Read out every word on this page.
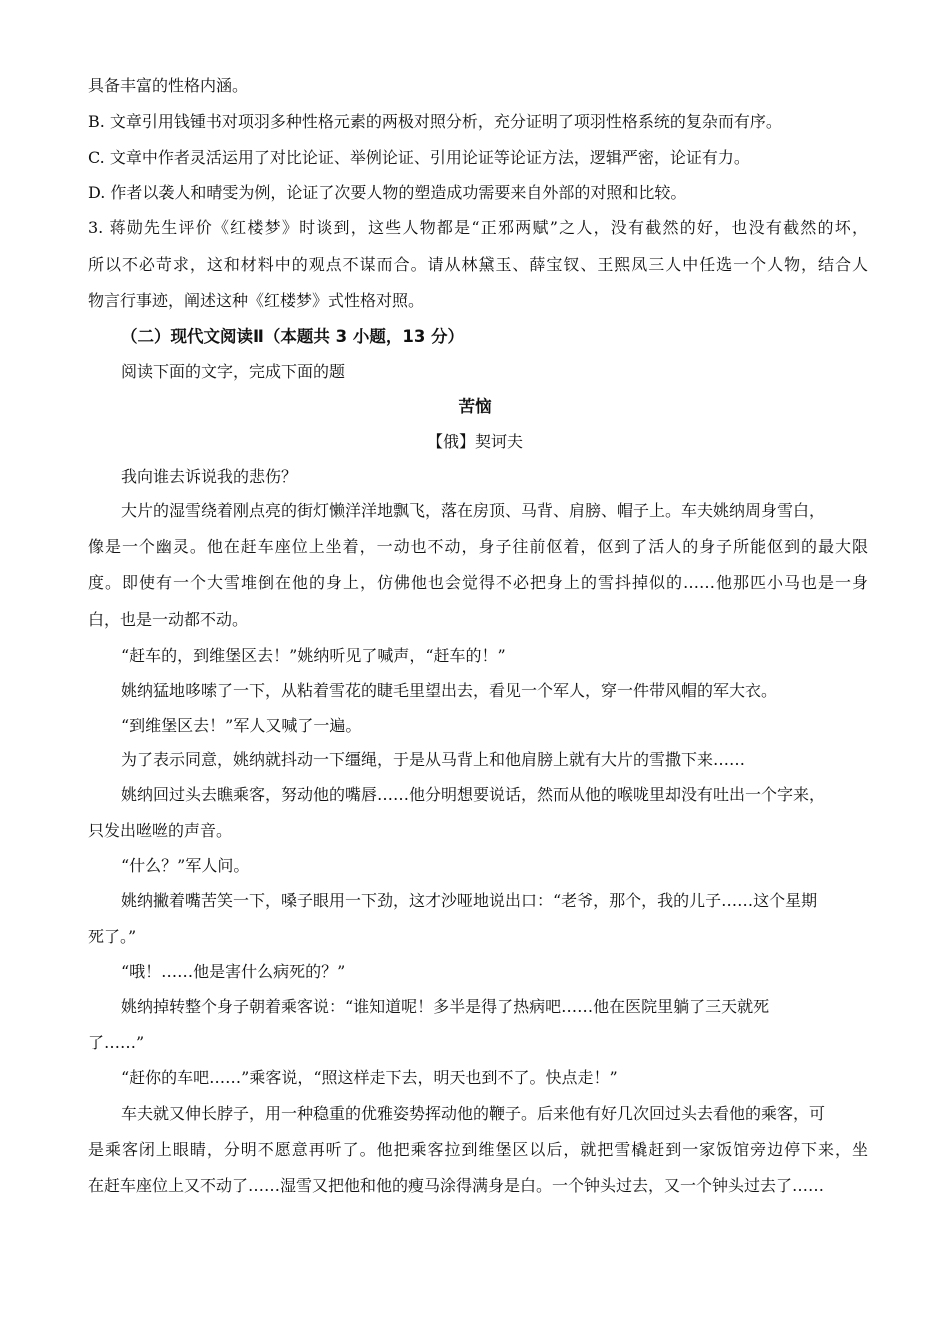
具备丰富的性格内涵。
B. 文章引用钱锺书对项羽多种性格元素的两极对照分析，充分证明了项羽性格系统的复杂而有序。
C. 文章中作者灵活运用了对比论证、举例论证、引用论证等论证方法，逻辑严密，论证有力。
D. 作者以袭人和晴雯为例，论证了次要人物的塑造成功需要来自外部的对照和比较。
3. 蒋勋先生评价《红楼梦》时谈到，这些人物都是“正邪两赋”之人，没有截然的好，也没有截然的坏，
所以不必苛求，这和材料中的观点不谋而合。请从林黛玉、薛宝钗、王熙凤三人中任选一个人物，结合人
物言行事迹，阐述这种《红楼梦》式性格对照。
（二）现代文阅读Ⅱ（本题共 3 小题，13 分）
阅读下面的文字，完成下面的题
苦恼
【俄】契诃夫
我向谁去诉说我的悲伤？
大片的湿雪绕着刚点亮的街灯懒洋洋地飘飞，落在房顶、马背、肩膀、帽子上。车夫姚纳周身雪白，
像是一个幽灵。他在赶车座位上坐着，一动也不动，身子往前伛着，伛到了活人的身子所能伛到的最大限
度。即使有一个大雪堆倒在他的身上，仿佛他也会觉得不必把身上的雪抖掉似的……他那匹小马也是一身
白，也是一动都不动。
“赶车的，到维堡区去！”姚纳听见了喊声，“赶车的！”
姚纳猛地哆嗦了一下，从粘着雪花的睫毛里望出去，看见一个军人，穿一件带风帽的军大衣。
“到维堡区去！”军人又喊了一遍。
为了表示同意，姚纳就抖动一下缰绳，于是从马背上和他肩膀上就有大片的雪撒下来……
姚纳回过头去瞧乘客，努动他的嘴唇……他分明想要说话，然而从他的喉咙里却没有吐出一个字来，
只发出咝咝的声音。
“什么？”军人问。
姚纳撇着嘴苦笑一下，嗓子眼用一下劲，这才沙哑地说出口：“老爷，那个，我的儿子……这个星期
死了。”
“哦！……他是害什么病死的？”
姚纳掉转整个身子朝着乘客说：“谁知道呢！多半是得了热病吧……他在医院里躺了三天就死
了……”
“赶你的车吧……”乘客说，“照这样走下去，明天也到不了。快点走！”
车夫就又伸长脖子，用一种稳重的优雅姿势挥动他的鞭子。后来他有好几次回过头去看他的乘客，可
是乘客闭上眼睛，分明不愿意再听了。他把乘客拉到维堡区以后，就把雪橇赶到一家饭馆旁边停下来，坐
在赶车座位上又不动了……湿雪又把他和他的瘦马涂得满身是白。一个钟头过去，又一个钟头过去了……
